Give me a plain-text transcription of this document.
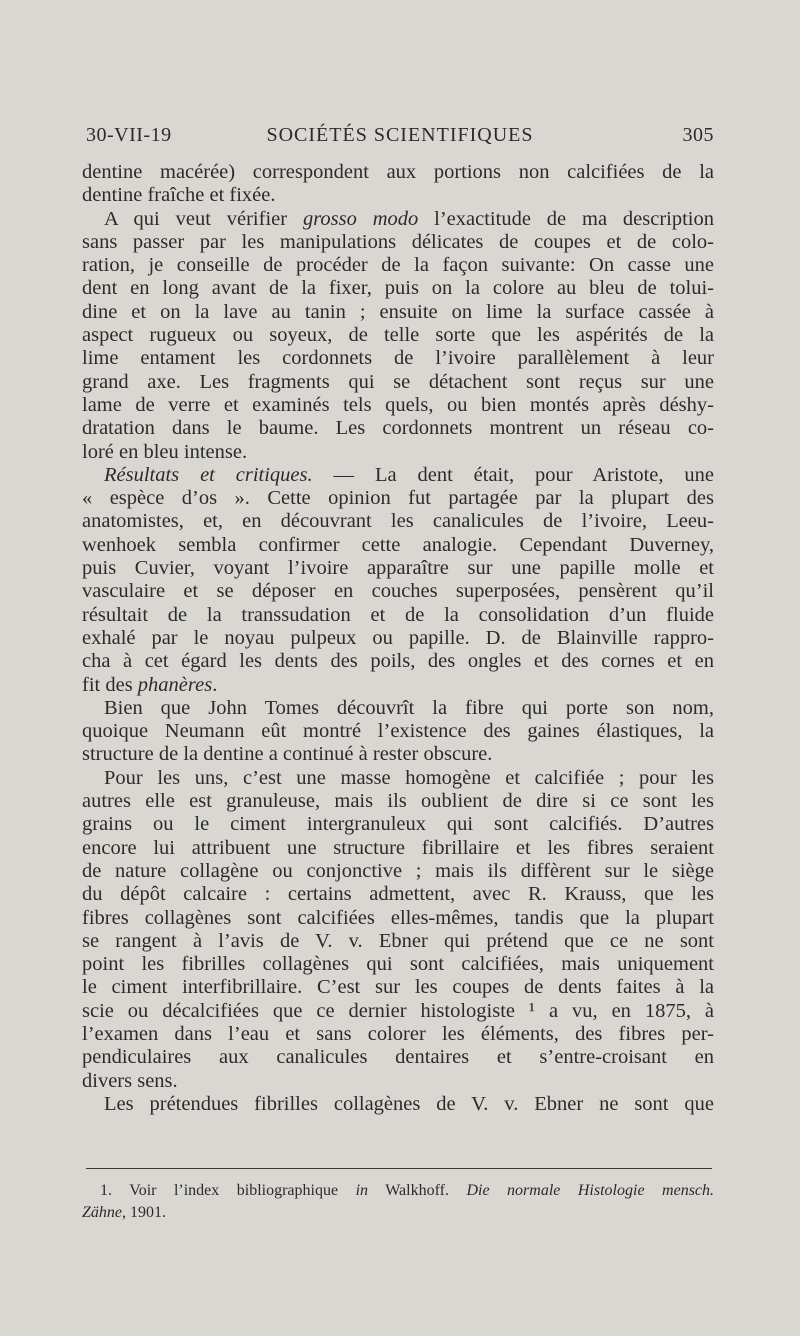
30-VII-19	SOCIÉTÉS SCIENTIFIQUES	305
dentine macérée) correspondent aux portions non calcifiées de la
dentine fraîche et fixée.
A qui veut vérifier grosso modo l’exactitude de ma description
sans passer par les manipulations délicates de coupes et de colo-
ration, je conseille de procéder de la façon suivante: On casse une
dent en long avant de la fixer, puis on la colore au bleu de tolui-
dine et on la lave au tanin ; ensuite on lime la surface cassée à
aspect rugueux ou soyeux, de telle sorte que les aspérités de la
lime entament les cordonnets de l’ivoire parallèlement à leur
grand axe. Les fragments qui se détachent sont reçus sur une
lame de verre et examinés tels quels, ou bien montés après déshy-
dratation dans le baume. Les cordonnets montrent un réseau co-
loré en bleu intense.
Résultats et critiques. — La dent était, pour Aristote, une
« espèce d’os ». Cette opinion fut partagée par la plupart des
anatomistes, et, en découvrant les canalicules de l’ivoire, Leeu-
wenhoek sembla confirmer cette analogie. Cependant Duverney,
puis Cuvier, voyant l’ivoire apparaître sur une papille molle et
vasculaire et se déposer en couches superposées, pensèrent qu’il
résultait de la transsudation et de la consolidation d’un fluide
exhalé par le noyau pulpeux ou papille. D. de Blainville rappro-
cha à cet égard les dents des poils, des ongles et des cornes et en
fit des phanères.
Bien que John Tomes découvrît la fibre qui porte son nom,
quoique Neumann eût montré l’existence des gaines élastiques, la
structure de la dentine a continué à rester obscure.
Pour les uns, c’est une masse homogène et calcifiée ; pour les
autres elle est granuleuse, mais ils oublient de dire si ce sont les
grains ou le ciment intergranuleux qui sont calcifiés. D’autres
encore lui attribuent une structure fibrillaire et les fibres seraient
de nature collagène ou conjonctive ; mais ils diffèrent sur le siège
du dépôt calcaire : certains admettent, avec R. Krauss, que les
fibres collagènes sont calcifiées elles-mêmes, tandis que la plupart
se rangent à l’avis de V. v. Ebner qui prétend que ce ne sont
point les fibrilles collagènes qui sont calcifiées, mais uniquement
le ciment interfibrillaire. C’est sur les coupes de dents faites à la
scie ou décalcifiées que ce dernier histologiste ¹ a vu, en 1875, à
l’examen dans l’eau et sans colorer les éléments, des fibres per-
pendiculaires aux canalicules dentaires et s’entre-croisant en
divers sens.
Les prétendues fibrilles collagènes de V. v. Ebner ne sont que
1. Voir l’index bibliographique in Walkhoff. Die normale Histologie mensch.
Zähne, 1901.
